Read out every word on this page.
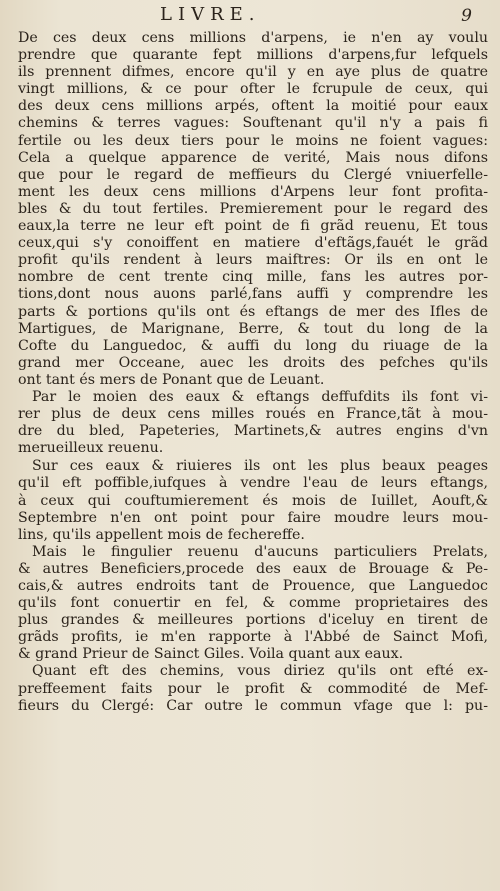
LIVRE.	9
De ces deux cens millions d'arpens, ie n'en ay voulu
prendre que quarante fept millions d'arpens,fur lefquels
ils prennent difmes, encore qu'il y en aye plus de quatre
vingt millions, & ce pour ofter le fcrupule de ceux, qui
des deux cens millions arpés, oftent la moitié pour eaux
chemins & terres vagues: Souftenant qu'il n'y a pais fi
fertile ou les deux tiers pour le moins ne foient vagues:
Cela a quelque apparence de verité, Mais nous difons
que pour le regard de meffieurs du Clergé vniuerfelle-
ment les deux cens millions d'Arpens leur font profita-
bles & du tout fertiles. Premierement pour le regard des
eaux,la terre ne leur eft point de fi grãd reuenu, Et tous
ceux,qui s'y conoiffent en matiere d'eftãgs,fauét le grãd
profit qu'ils rendent à leurs maiftres: Or ils en ont le
nombre de cent trente cinq mille, fans les autres por-
tions,dont nous auons parlé,fans auffi y comprendre les
parts & portions qu'ils ont és eftangs de mer des Ifles de
Martigues, de Marignane, Berre, & tout du long de la
Cofte du Languedoc, & auffi du long du riuage de la
grand mer Occeane, auec les droits des pefches qu'ils
ont tant és mers de Ponant que de Leuant.
Par le moien des eaux & eftangs deffufdits ils font vi-
rer plus de deux cens milles roués en France,tãt à mou-
dre du bled, Papeteries, Martinets,& autres engins d'vn
merueilleux reuenu.
Sur ces eaux & riuieres ils ont les plus beaux peages
qu'il eft poffible,iufques à vendre l'eau de leurs eftangs,
à ceux qui couftumierement és mois de Iuillet, Aouft,&
Septembre n'en ont point pour faire moudre leurs mou-
lins, qu'ils appellent mois de fechereffe.
Mais le fingulier reuenu d'aucuns particuliers Prelats,
& autres Beneficiers,procede des eaux de Brouage & Pe-
cais,& autres endroits tant de Prouence, que Languedoc
qu'ils font conuertir en fel, & comme proprietaires des
plus grandes & meilleures portions d'iceluy en tirent de
grãds profits, ie m'en rapporte à l'Abbé de Sainct Mofi,
& grand Prieur de Sainct Giles. Voila quant aux eaux.
Quant eft des chemins, vous diriez qu'ils ont efté ex-
preffeement faits pour le profit & commodité de Mef-
fieurs du Clergé: Car outre le commun vfage que l: pu-
